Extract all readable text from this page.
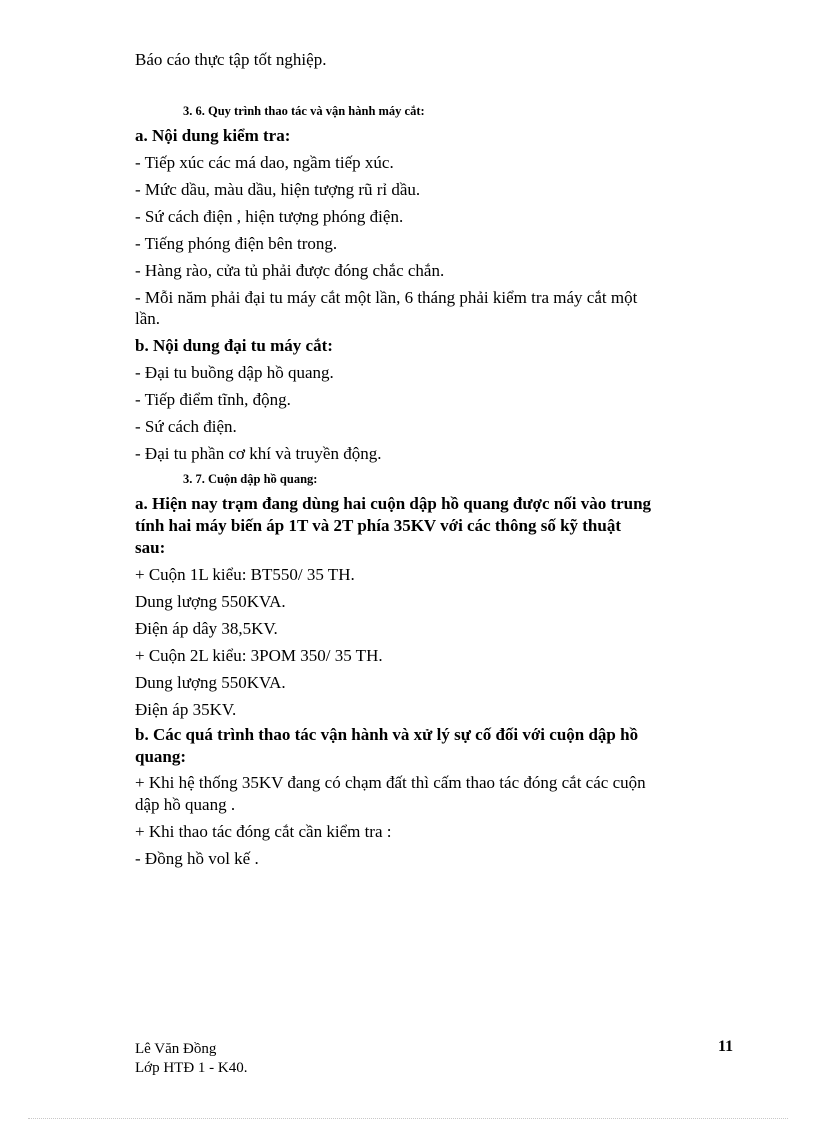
Báo cáo thực tập tốt nghiệp.
3. 6. Quy trình thao tác và vận hành máy cắt:
a. Nội dung kiểm tra:
- Tiếp xúc các má dao, ngầm tiếp xúc.
- Mức dầu, màu dầu, hiện tượng rũ rỉ dầu.
- Sứ cách điện , hiện tượng phóng điện.
- Tiếng phóng điện bên trong.
- Hàng rào, cửa tủ phải được đóng chắc chắn.
- Mỗi năm phải đại tu máy cắt một lần, 6 tháng phải kiểm tra máy cắt một
lần.
b. Nội dung đại tu máy cắt:
- Đại tu buồng dập hồ quang.
- Tiếp điểm tĩnh, động.
- Sứ cách điện.
- Đại tu phần cơ khí và truyền động.
3. 7. Cuộn dập hồ quang:
a. Hiện nay trạm đang dùng hai cuộn dập hồ quang được nối vào trung
tính hai máy biến áp 1T và 2T phía 35KV với các thông số kỹ thuật
sau:
+ Cuộn 1L kiểu: BT550/ 35 TH.
Dung lượng 550KVA.
Điện áp dây 38,5KV.
+ Cuộn 2L kiểu: 3POM 350/ 35 TH.
Dung lượng 550KVA.
Điện áp 35KV.
b. Các quá trình thao tác vận hành và xử lý sự cố đối với cuộn dập hồ
quang:
+ Khi hệ thống 35KV đang có chạm đất thì cấm thao tác đóng cắt các cuộn
dập hồ quang .
+ Khi thao tác đóng cắt cần kiểm tra :
- Đồng hồ vol kế .
Lê Văn Đồng
Lớp HTĐ 1 - K40.
11
